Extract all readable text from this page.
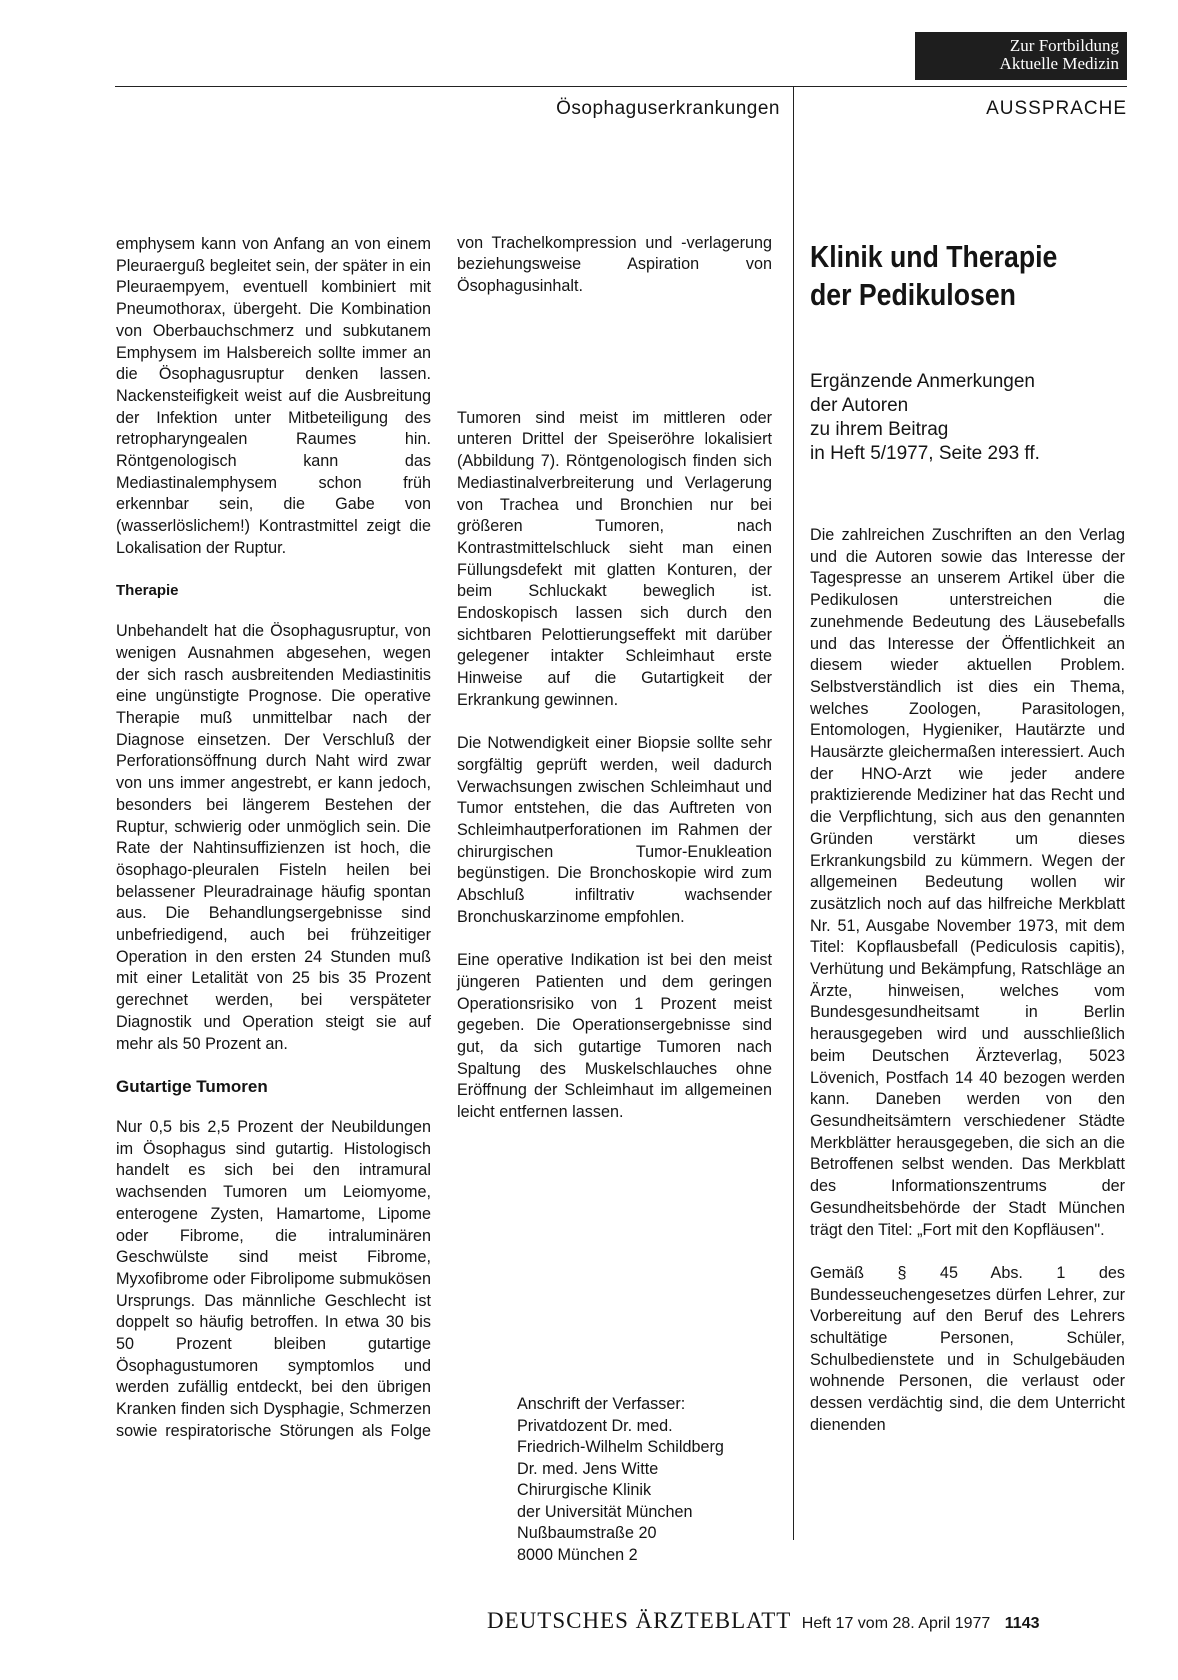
Zur Fortbildung
Aktuelle Medizin
Ösophaguserkrankungen	AUSSPRACHE

emphysem kann von Anfang an von einem Pleuraerguß begleitet sein, der später in ein Pleuraempyem, eventuell kombiniert mit Pneumothorax, übergeht. Die Kombination von Oberbauchschmerz und subkutanem Emphysem im Halsbereich sollte immer an die Ösophagusruptur denken lassen. Nackensteifigkeit weist auf die Ausbreitung der Infektion unter Mitbeteiligung des retropharyngealen Raumes hin. Röntgenologisch kann das Mediastinalemphysem schon früh erkennbar sein, die Gabe von (wasserlöslichem!) Kontrastmittel zeigt die Lokalisation der Ruptur.

Therapie

Unbehandelt hat die Ösophagusruptur, von wenigen Ausnahmen abgesehen, wegen der sich rasch ausbreitenden Mediastinitis eine ungünstigte Prognose. Die operative Therapie muß unmittelbar nach der Diagnose einsetzen. Der Verschluß der Perforationsöffnung durch Naht wird zwar von uns immer angestrebt, er kann jedoch, besonders bei längerem Bestehen der Ruptur, schwierig oder unmöglich sein. Die Rate der Nahtinsuffizienzen ist hoch, die ösophago-pleuralen Fisteln heilen bei belassener Pleuradrainage häufig spontan aus. Die Behandlungsergebnisse sind unbefriedigend, auch bei frühzeitiger Operation in den ersten 24 Stunden muß mit einer Letalität von 25 bis 35 Prozent gerechnet werden, bei verspäteter Diagnostik und Operation steigt sie auf mehr als 50 Prozent an.

Gutartige Tumoren

Nur 0,5 bis 2,5 Prozent der Neubildungen im Ösophagus sind gutartig. Histologisch handelt es sich bei den intramural wachsenden Tumoren um Leiomyome, enterogene Zysten, Hamartome, Lipome oder Fibrome, die intraluminären Geschwülste sind meist Fibrome, Myxofibrome oder Fibrolipome submukösen Ursprungs. Das männliche Geschlecht ist doppelt so häufig betroffen. In etwa 30 bis 50 Prozent bleiben gutartige Ösophagustumoren symptomlos und werden zufällig entdeckt, bei den übrigen Kranken finden sich Dysphagie, Schmerzen sowie respiratorische Störungen als Folge

von Trachelkompression und -verlagerung beziehungsweise Aspiration von Ösophagusinhalt.

Tumoren sind meist im mittleren oder unteren Drittel der Speiseröhre lokalisiert (Abbildung 7). Röntgenologisch finden sich Mediastinalverbreiterung und Verlagerung von Trachea und Bronchien nur bei größeren Tumoren, nach Kontrastmittelschluck sieht man einen Füllungsdefekt mit glatten Konturen, der beim Schluckakt beweglich ist. Endoskopisch lassen sich durch den sichtbaren Pelottierungseffekt mit darüber gelegener intakter Schleimhaut erste Hinweise auf die Gutartigkeit der Erkrankung gewinnen.

Die Notwendigkeit einer Biopsie sollte sehr sorgfältig geprüft werden, weil dadurch Verwachsungen zwischen Schleimhaut und Tumor entstehen, die das Auftreten von Schleimhautperforationen im Rahmen der chirurgischen Tumor-Enukleation begünstigen. Die Bronchoskopie wird zum Abschluß infiltrativ wachsender Bronchuskarzinome empfohlen.

Eine operative Indikation ist bei den meist jüngeren Patienten und dem geringen Operationsrisiko von 1 Prozent meist gegeben. Die Operationsergebnisse sind gut, da sich gutartige Tumoren nach Spaltung des Muskelschlauches ohne Eröffnung der Schleimhaut im allgemeinen leicht entfernen lassen.

Anschrift der Verfasser:
Privatdozent Dr. med.
Friedrich-Wilhelm Schildberg
Dr. med. Jens Witte
Chirurgische Klinik
der Universität München
Nußbaumstraße 20
8000 München 2
Klinik und Therapie
der Pedikulosen
Ergänzende Anmerkungen
der Autoren
zu ihrem Beitrag
in Heft 5/1977, Seite 293 ff.

Die zahlreichen Zuschriften an den Verlag und die Autoren sowie das Interesse der Tagespresse an unserem Artikel über die Pedikulosen unterstreichen die zunehmende Bedeutung des Läusebefalls und das Interesse der Öffentlichkeit an diesem wieder aktuellen Problem. Selbstverständlich ist dies ein Thema, welches Zoologen, Parasitologen, Entomologen, Hygieniker, Hautärzte und Hausärzte gleichermaßen interessiert. Auch der HNO-Arzt wie jeder andere praktizierende Mediziner hat das Recht und die Verpflichtung, sich aus den genannten Gründen verstärkt um dieses Erkrankungsbild zu kümmern. Wegen der allgemeinen Bedeutung wollen wir zusätzlich noch auf das hilfreiche Merkblatt Nr. 51, Ausgabe November 1973, mit dem Titel: Kopflausbefall (Pediculosis capitis), Verhütung und Bekämpfung, Ratschläge an Ärzte, hinweisen, welches vom Bundesgesundheitsamt in Berlin herausgegeben wird und ausschließlich beim Deutschen Ärzteverlag, 5023 Lövenich, Postfach 14 40 bezogen werden kann. Daneben werden von den Gesundheitsämtern verschiedener Städte Merkblätter herausgegeben, die sich an die Betroffenen selbst wenden. Das Merkblatt des Informationszentrums der Gesundheitsbehörde der Stadt München trägt den Titel: „Fort mit den Kopfläusen".

Gemäß § 45 Abs. 1 des Bundesseuchengesetzes dürfen Lehrer, zur Vorbereitung auf den Beruf des Lehrers schultätige Personen, Schüler, Schulbedienstete und in Schulgebäuden wohnende Personen, die verlaust oder dessen verdächtig sind, die dem Unterricht dienenden

DEUTSCHES ÄRZTEBLATT Heft 17 vom 28. April 1977 1143
